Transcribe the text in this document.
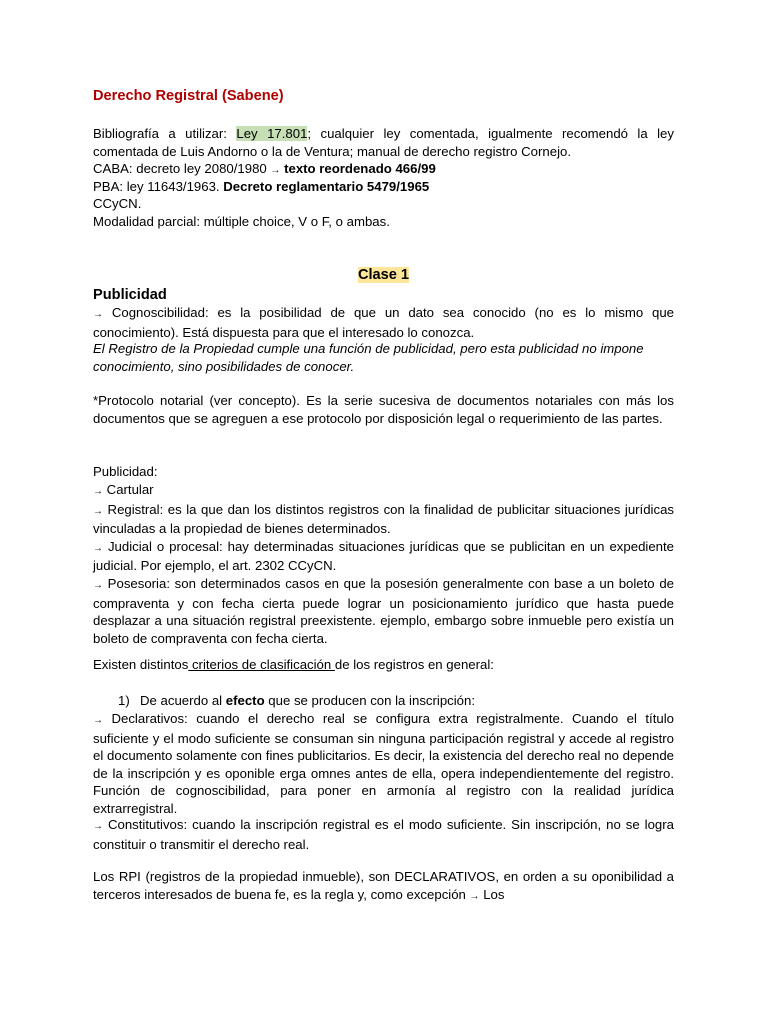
Derecho Registral (Sabene)
Bibliografía a utilizar: Ley 17.801; cualquier ley comentada, igualmente recomendó la ley comentada de Luis Andorno o la de Ventura; manual de derecho registro Cornejo.
CABA: decreto ley 2080/1980 → texto reordenado 466/99
PBA: ley 11643/1963. Decreto reglamentario 5479/1965
CCyCN.
Modalidad parcial: múltiple choice, V o F, o ambas.
Clase 1
Publicidad
→ Cognoscibilidad: es la posibilidad de que un dato sea conocido (no es lo mismo que conocimiento). Está dispuesta para que el interesado lo conozca.
El Registro de la Propiedad cumple una función de publicidad, pero esta publicidad no impone conocimiento, sino posibilidades de conocer.
*Protocolo notarial (ver concepto). Es la serie sucesiva de documentos notariales con más los documentos que se agreguen a ese protocolo por disposición legal o requerimiento de las partes.
Publicidad:
→ Cartular
→ Registral: es la que dan los distintos registros con la finalidad de publicitar situaciones jurídicas vinculadas a la propiedad de bienes determinados.
→ Judicial o procesal: hay determinadas situaciones jurídicas que se publicitan en un expediente judicial. Por ejemplo, el art. 2302 CCyCN.
→ Posesoria: son determinados casos en que la posesión generalmente con base a un boleto de compraventa y con fecha cierta puede lograr un posicionamiento jurídico que hasta puede desplazar a una situación registral preexistente. ejemplo, embargo sobre inmueble pero existía un boleto de compraventa con fecha cierta.
Existen distintos criterios de clasificación de los registros en general:
1) De acuerdo al efecto que se producen con la inscripción:
→ Declarativos: cuando el derecho real se configura extra registralmente. Cuando el título suficiente y el modo suficiente se consuman sin ninguna participación registral y accede al registro el documento solamente con fines publicitarios. Es decir, la existencia del derecho real no depende de la inscripción y es oponible erga omnes antes de ella, opera independientemente del registro. Función de cognoscibilidad, para poner en armonía al registro con la realidad jurídica extrarregistral.
→ Constitutivos: cuando la inscripción registral es el modo suficiente. Sin inscripción, no se logra constituir o transmitir el derecho real.
Los RPI (registros de la propiedad inmueble), son DECLARATIVOS, en orden a su oponibilidad a terceros interesados de buena fe, es la regla y, como excepción → Los
